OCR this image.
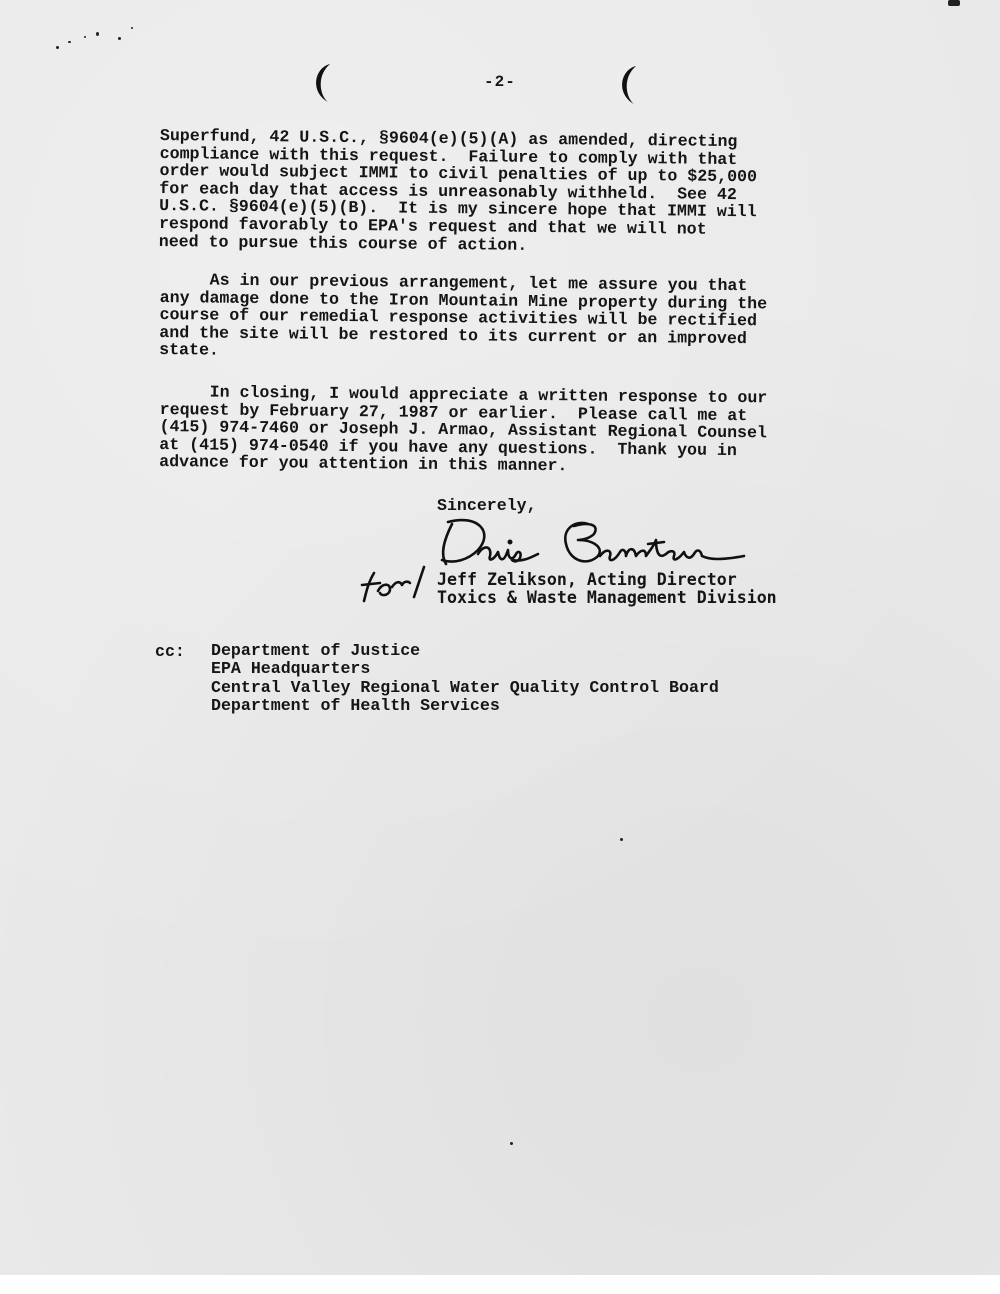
-2-

Superfund, 42 U.S.C., §9604(e)(5)(A) as amended, directing
compliance with this request.  Failure to comply with that
order would subject IMMI to civil penalties of up to $25,000
for each day that access is unreasonably withheld.  See 42
U.S.C. §9604(e)(5)(B).  It is my sincere hope that IMMI will
respond favorably to EPA's request and that we will not
need to pursue this course of action.

As in our previous arrangement, let me assure you that
any damage done to the Iron Mountain Mine property during the
course of our remedial response activities will be rectified
and the site will be restored to its current or an improved
state.

In closing, I would appreciate a written response to our
request by February 27, 1987 or earlier.  Please call me at
(415) 974-7460 or Joseph J. Armao, Assistant Regional Counsel
at (415) 974-0540 if you have any questions.  Thank you in
advance for you attention in this manner.

Sincerely,
Jeff Zelikson, Acting Director
Toxics & Waste Management Division
cc: Department of Justice
EPA Headquarters
Central Valley Regional Water Quality Control Board
Department of Health Services
